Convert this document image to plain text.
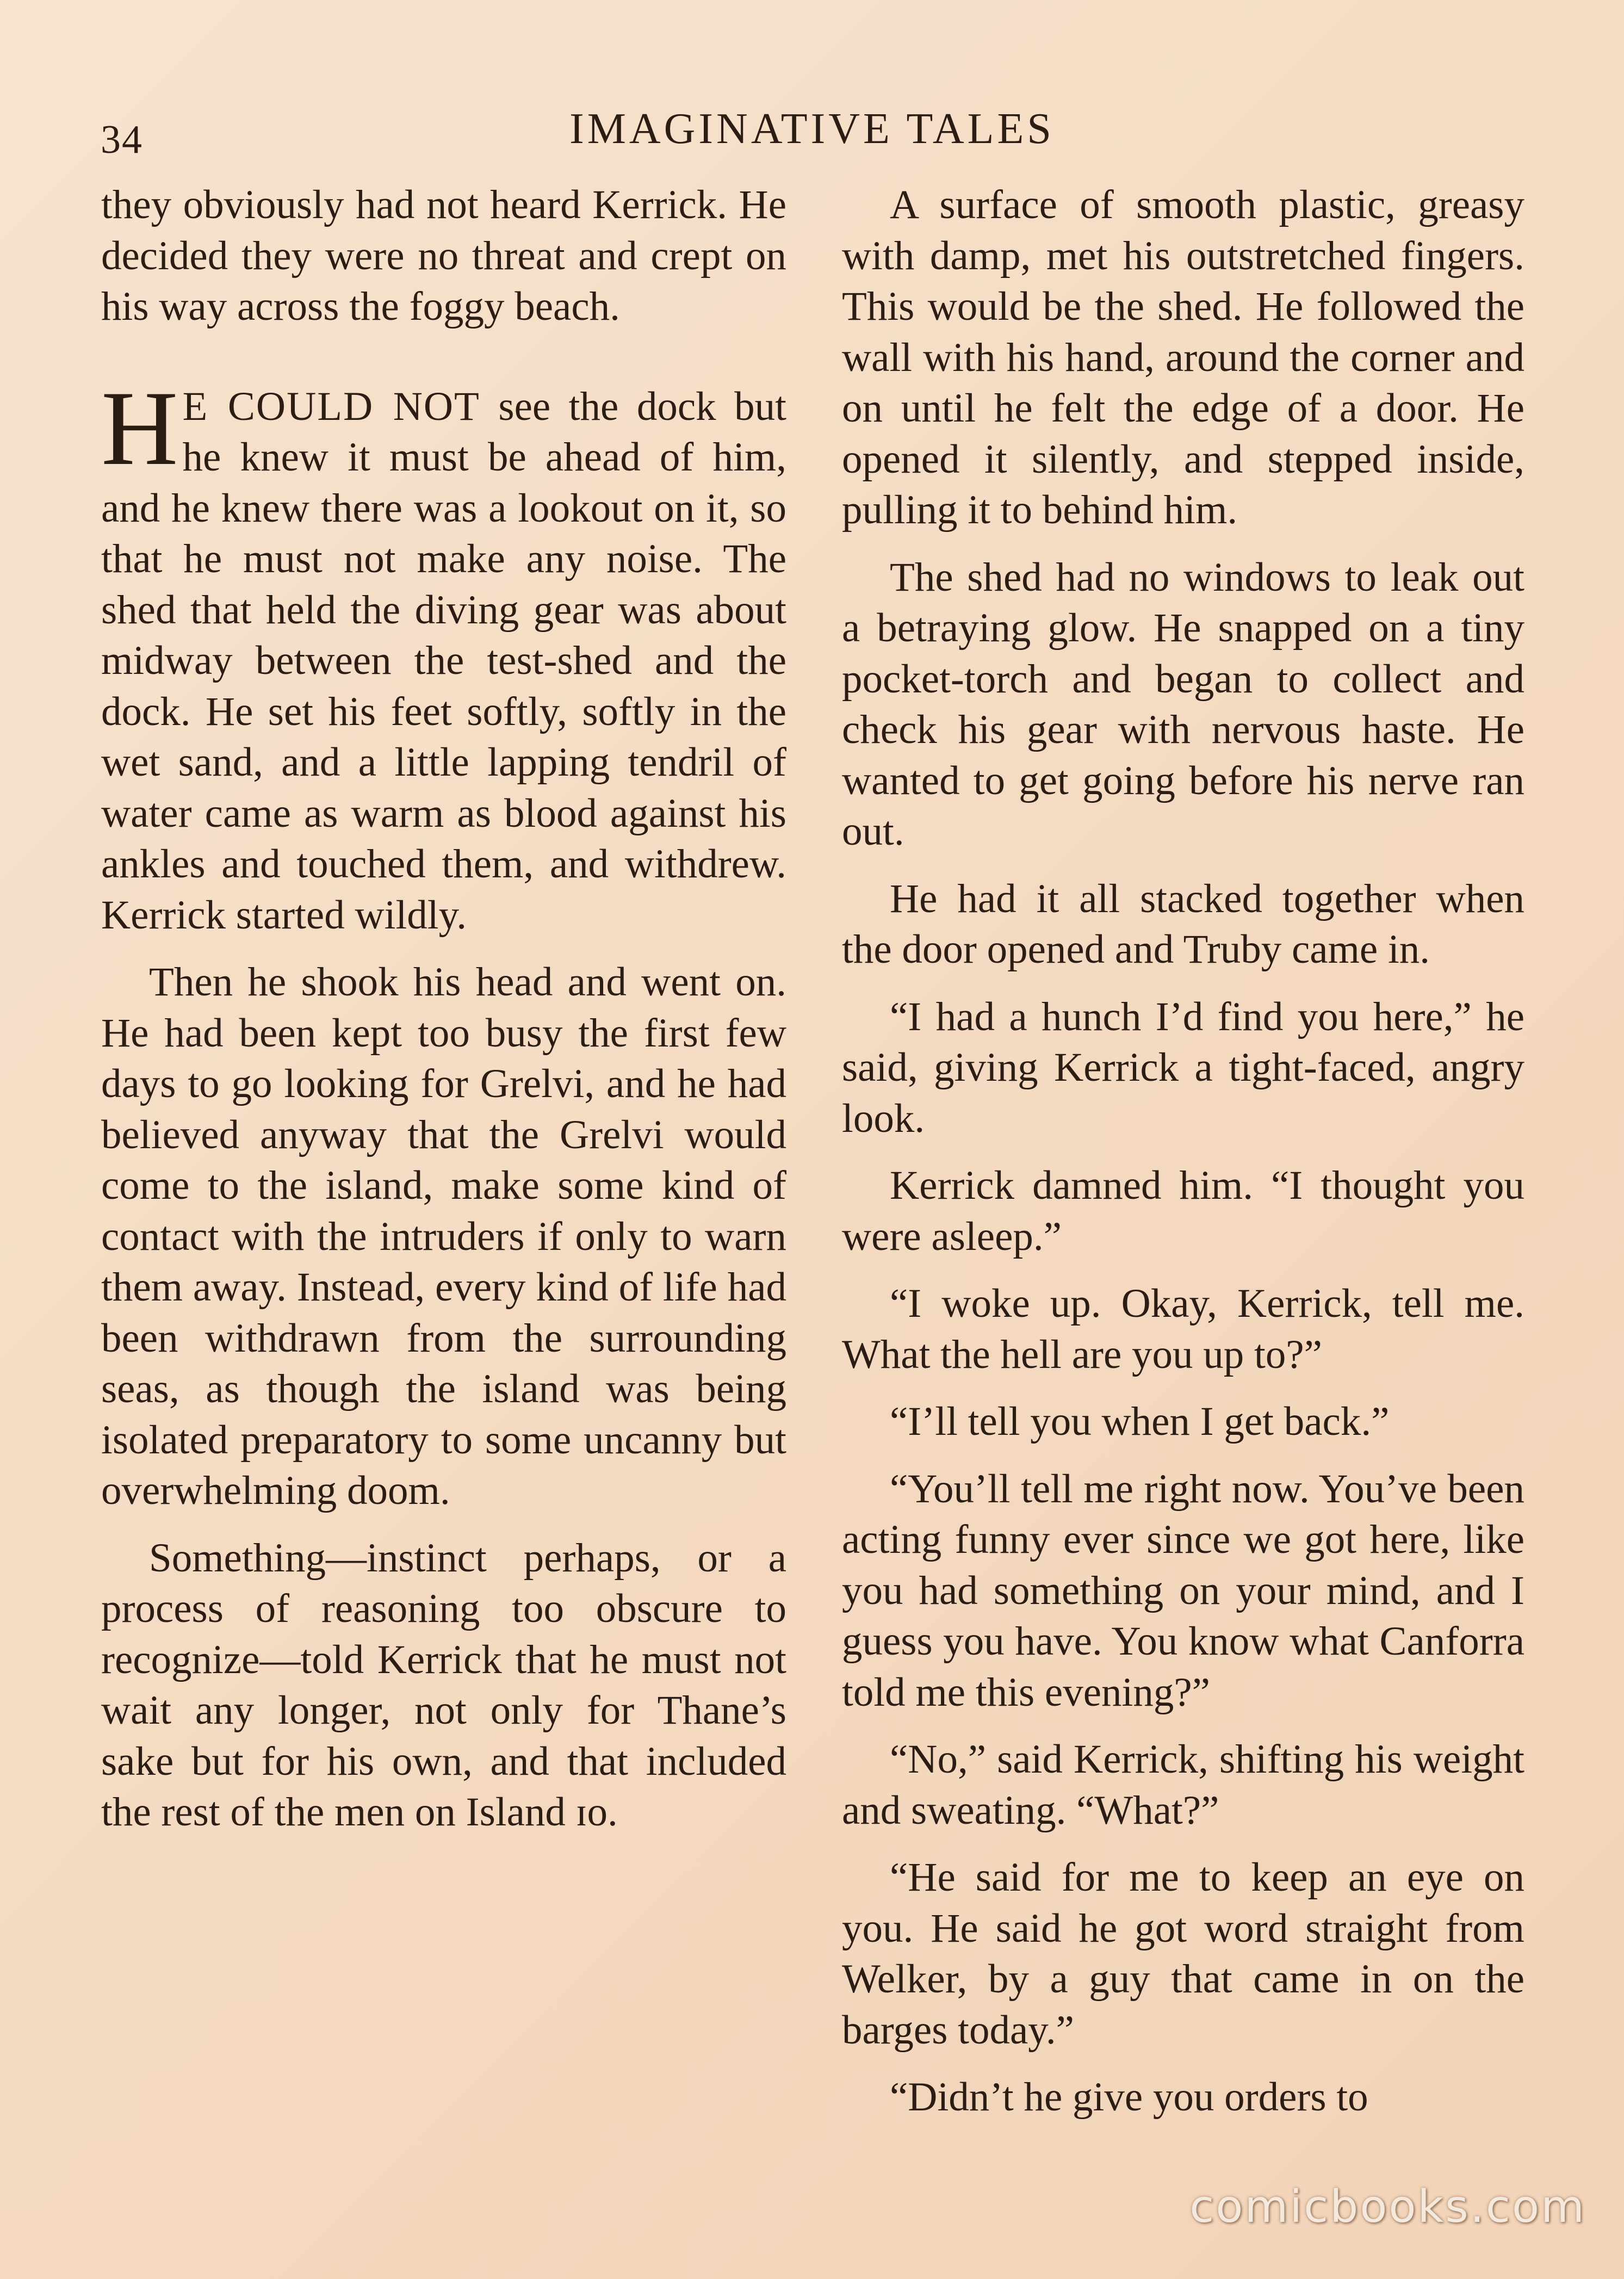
34	IMAGINATIVE TALES

they obviously had not heard Kerrick. He decided they were no threat and crept on his way across the foggy beach.

H E COULD NOT see the dock but he knew it must be ahead of him, and he knew there was a lookout on it, so that he must not make any noise. The shed that held the diving gear was about midway between the test-shed and the dock. He set his feet softly, softly in the wet sand, and a little lapping tendril of water came as warm as blood against his ankles and touched them, and withdrew. Kerrick started wildly.

Then he shook his head and went on. He had been kept too busy the first few days to go looking for Grelvi, and he had believed anyway that the Grelvi would come to the island, make some kind of contact with the intruders if only to warn them away. Instead, every kind of life had been withdrawn from the surrounding seas, as though the island was being isolated preparatory to some uncanny but overwhelming doom.

Something—instinct perhaps, or a process of reasoning too obscure to recognize—told Kerrick that he must not wait any longer, not only for Thane’s sake but for his own, and that included the rest of the men on Island ɪᴏ.

A surface of smooth plastic, greasy with damp, met his outstretched fingers. This would be the shed. He followed the wall with his hand, around the corner and on until he felt the edge of a door. He opened it silently, and stepped inside, pulling it to behind him.

The shed had no windows to leak out a betraying glow. He snapped on a tiny pocket-torch and began to collect and check his gear with nervous haste. He wanted to get going before his nerve ran out.

He had it all stacked together when the door opened and Truby came in.

“I had a hunch I’d find you here,” he said, giving Kerrick a tight-faced, angry look.

Kerrick damned him. “I thought you were asleep.”

“I woke up. Okay, Kerrick, tell me. What the hell are you up to?”

“I’ll tell you when I get back.”

“You’ll tell me right now. You’ve been acting funny ever since we got here, like you had something on your mind, and I guess you have. You know what Canforra told me this evening?”

“No,” said Kerrick, shifting his weight and sweating. “What?”

“He said for me to keep an eye on you. He said he got word straight from Welker, by a guy that came in on the barges today.”

“Didn’t he give you orders to

comicbooks.com
